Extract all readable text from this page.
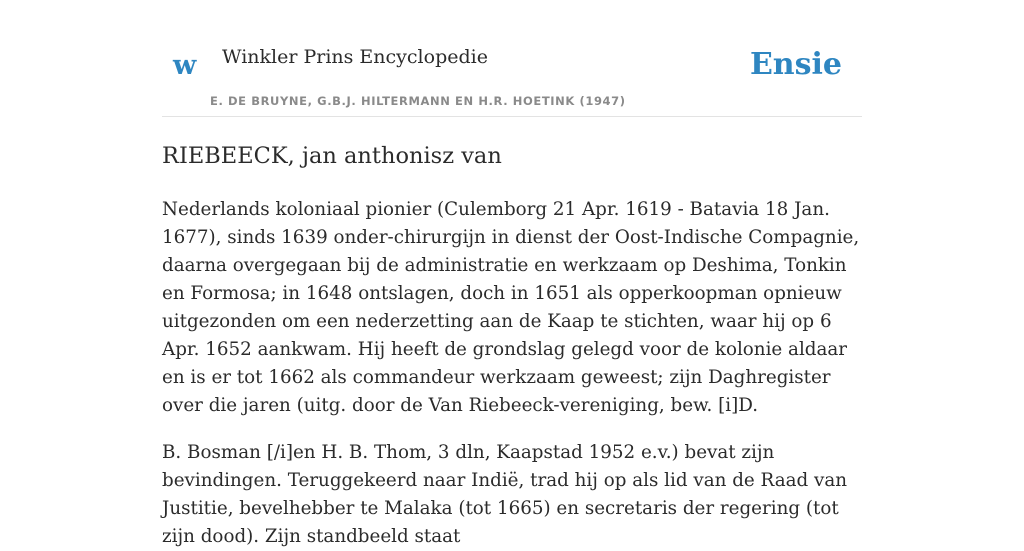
w Winkler Prins Encyclopedie
E. DE BRUYNE, G.B.J. HILTERMANN EN H.R. HOETINK (1947)
Ensie
RIEBEECK, jan anthonisz van

Nederlands koloniaal pionier (Culemborg 21 Apr. 1619 - Batavia 18 Jan. 1677), sinds 1639 onder-chirurgijn in dienst der Oost-Indische Compagnie, daarna overgegaan bij de administratie en werkzaam op Deshima, Tonkin en Formosa; in 1648 ontslagen, doch in 1651 als opperkoopman opnieuw uitgezonden om een nederzetting aan de Kaap te stichten, waar hij op 6 Apr. 1652 aankwam. Hij heeft de grondslag gelegd voor de kolonie aldaar en is er tot 1662 als commandeur werkzaam geweest; zijn Daghregister over die jaren (uitg. door de Van Riebeeck-vereniging, bew. [i]D.

B. Bosman [/i]en H. B. Thom, 3 dln, Kaapstad 1952 e.v.) bevat zijn bevindingen. Teruggekeerd naar Indië, trad hij op als lid van de Raad van Justitie, bevelhebber te Malaka (tot 1665) en secretaris der regering (tot zijn dood). Zijn standbeeld staat
